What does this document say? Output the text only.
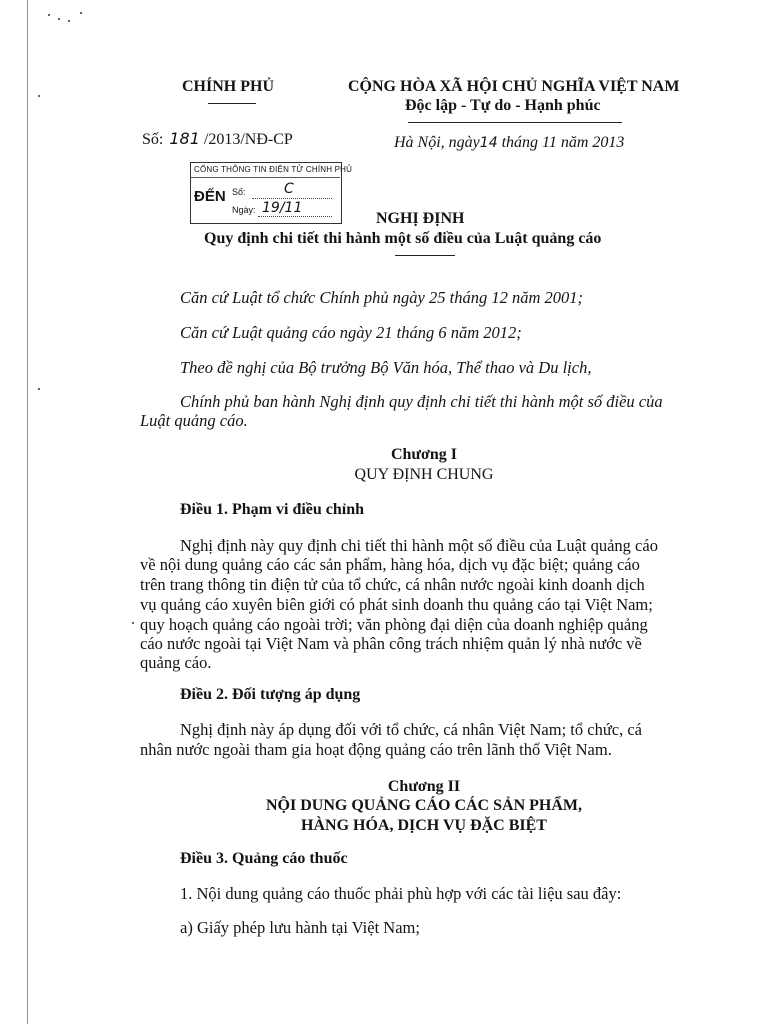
CHÍNH PHỦ
Số: 181 /2013/NĐ-CP
CỘNG HÒA XÃ HỘI CHỦ NGHĨA VIỆT NAM
Độc lập - Tự do - Hạnh phúc
Hà Nội, ngày14 tháng 11 năm 2013
CỔNG THÔNG TIN ĐIỆN TỬ CHÍNH PHỦ
ĐẾN Số:	C
Ngày: 19/11
NGHỊ ĐỊNH
Quy định chi tiết thi hành một số điều của Luật quảng cáo
Căn cứ Luật tổ chức Chính phủ ngày 25 tháng 12 năm 2001;
Căn cứ Luật quảng cáo ngày 21 tháng 6 năm 2012;
Theo đề nghị của Bộ trưởng Bộ Văn hóa, Thể thao và Du lịch,
Chính phủ ban hành Nghị định quy định chi tiết thi hành một số điều của
Luật quảng cáo.
Chương I
QUY ĐỊNH CHUNG
Điều 1. Phạm vi điều chỉnh
Nghị định này quy định chi tiết thi hành một số điều của Luật quảng cáo
về nội dung quảng cáo các sản phẩm, hàng hóa, dịch vụ đặc biệt; quảng cáo
trên trang thông tin điện tử của tổ chức, cá nhân nước ngoài kinh doanh dịch
vụ quảng cáo xuyên biên giới có phát sinh doanh thu quảng cáo tại Việt Nam;
quy hoạch quảng cáo ngoài trời; văn phòng đại diện của doanh nghiệp quảng
cáo nước ngoài tại Việt Nam và phân công trách nhiệm quản lý nhà nước về
quảng cáo.
Điều 2. Đối tượng áp dụng
Nghị định này áp dụng đối với tổ chức, cá nhân Việt Nam; tổ chức, cá
nhân nước ngoài tham gia hoạt động quảng cáo trên lãnh thổ Việt Nam.
Chương II
NỘI DUNG QUẢNG CÁO CÁC SẢN PHẨM,
HÀNG HÓA, DỊCH VỤ ĐẶC BIỆT
Điều 3. Quảng cáo thuốc
1. Nội dung quảng cáo thuốc phải phù hợp với các tài liệu sau đây:
a) Giấy phép lưu hành tại Việt Nam;
